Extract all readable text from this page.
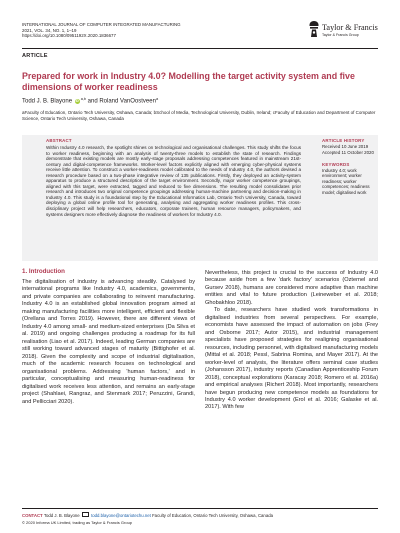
INTERNATIONAL JOURNAL OF COMPUTER INTEGRATED MANUFACTURING
2021, VOL. 34, NO. 1, 1–19
https://doi.org/10.1080/0951192X.2020.1836677
Taylor & Francis
Taylor & Francis Group
ARTICLE
Prepared for work in Industry 4.0? Modelling the target activity system and five dimensions of worker readiness
Todd J. B. Blayone iD $^{a,b}$ and Roland VanOostveen$^a$
aFaculty of Education, Ontario Tech University, Oshawa, Canada; bSchool of Media, Technological University, Dublin, Ireland; cFaculty of Education and Department of Computer Science, Ontario Tech University, Oshawa, Canada
ABSTRACT
Within Industry 4.0 research, the spotlight shines on technological and organisational challenges. This study shifts the focus to worker readiness, beginning with an analysis of twenty-three models to establish the state of research. Findings demonstrate that existing models are mostly early-stage proposals addressing competences featured in mainstream 21st-century and digital-competence frameworks. Worker-level factors explicitly aligned with emerging cyber-physical systems receive little attention. To construct a worker-readiness model calibrated to the needs of Industry 4.0, the authors devised a research procedure based on a two-phase integrative review of 135 publications. Firstly, they deployed an activity-system apparatus to produce a structured description of the target environment. Secondly, major worker competence groupings, aligned with this target, were extracted, tagged and reduced to five dimensions. The resulting model consolidates prior research and introduces two original competence groupings addressing human-machine partnering and decision-making in Industry 4.0. This study is a foundational step by the Educational Informatics Lab, Ontario Tech University, Canada, toward deploying a global online profile tool for generating, analysing and aggregating worker readiness profiles. This cross-disciplinary project will help researchers, educators, corporate trainers, human resource managers, policymakers, and systems designers more effectively diagnose the readiness of workers for Industry 4.0.
ARTICLE HISTORY
Received 10 June 2019
Accepted 11 October 2020
KEYWORDS
Industry 4.0; work environment; worker readiness; worker competences; readiness model; digitalised work
1. Introduction

The digitalisation of industry is advancing steadily. Catalysed by international programs like Industry 4.0, academics, governments, and private companies are collaborating to reinvent manufacturing. Industry 4.0 is an established global innovation program aimed at making manufacturing facilities more intelligent, efficient and flexible (Orellana and Torres 2019). However, there are different views of Industry 4.0 among small- and medium-sized enterprises (Da Silva et al. 2019) and ongoing challenges producing a roadmap for its full realisation (Liao et al. 2017). Indeed, leading German companies are still working toward advanced stages of maturity (Bittighofer et al. 2018). Given the complexity and scope of industrial digitalisation, much of the academic research focuses on technological and organisational problems. Addressing 'human factors,' and in particular, conceptualising and measuring human-readiness for digitalised work receives less attention, and remains an early-stage project (Shahlaei, Rangraz, and Stenmark 2017; Peruzzini, Grandi, and Pellicciari 2020).

Nevertheless, this project is crucial to the success of Industry 4.0 because aside from a few 'dark factory' scenarios (Ozternel and Gursev 2018), humans are considered more adaptive than machine entities and vital to future production (Leineweber et al. 2018; Ghobakhloo 2018).

To date, researchers have studied work transformations in digitalised industries from several perspectives. For example, economists have assessed the impact of automation on jobs (Frey and Osborne 2017; Autor 2015), and industrial management specialists have proposed strategies for realigning organisational resources, including personnel, with digitalised manufacturing models (Mittal et al. 2018; Pessl, Sabrina Romina, and Mayer 2017). At the worker-level of analysis, the literature offers seminal case studies (Johansson 2017), industry reports (Canadian Apprenticeship Forum 2018), conceptual explorations (Karacay 2018; Romero et al. 2016a) and empirical analyses (Richert 2018). Most importantly, researchers have begun producing new competence models as foundations for Industry 4.0 worker development (Erol et al. 2016; Galaske et al. 2017). With few

CONTACT Todd J. B. Blayone	todd.blayone@ontariotechu.net Faculty of Education, Ontario Tech University, Oshawa, Canada
© 2020 Informa UK Limited, trading as Taylor & Francis Group
